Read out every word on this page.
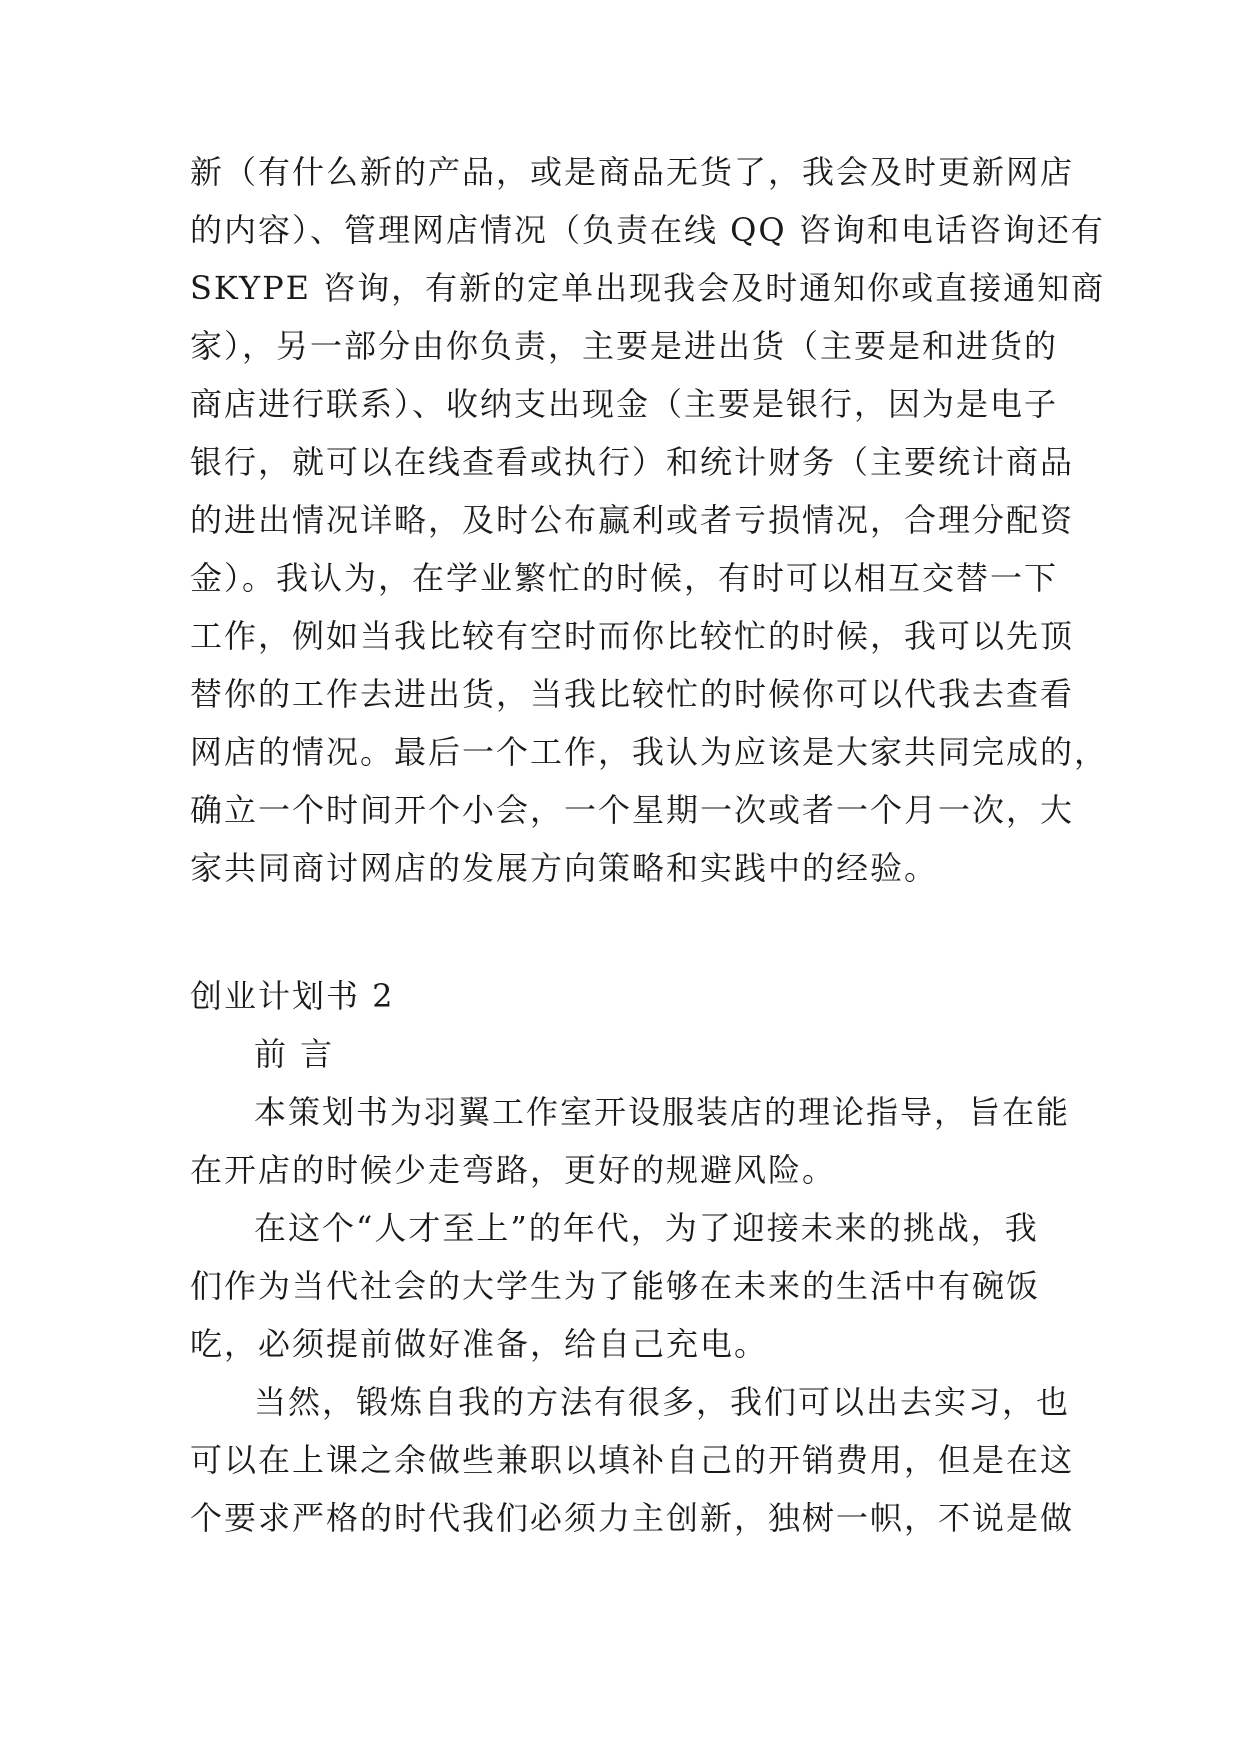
新（有什么新的产品，或是商品无货了，我会及时更新网店
的内容）、管理网店情况（负责在线 QQ 咨询和电话咨询还有
SKYPE 咨询，有新的定单出现我会及时通知你或直接通知商
家），另一部分由你负责，主要是进出货（主要是和进货的
商店进行联系）、收纳支出现金（主要是银行，因为是电子
银行，就可以在线查看或执行）和统计财务（主要统计商品
的进出情况详略，及时公布赢利或者亏损情况，合理分配资
金）。我认为，在学业繁忙的时候，有时可以相互交替一下
工作，例如当我比较有空时而你比较忙的时候，我可以先顶
替你的工作去进出货，当我比较忙的时候你可以代我去查看
网店的情况。最后一个工作，我认为应该是大家共同完成的，
确立一个时间开个小会，一个星期一次或者一个月一次，大
家共同商讨网店的发展方向策略和实践中的经验。
创业计划书 2
前 言
本策划书为羽翼工作室开设服装店的理论指导，旨在能
在开店的时候少走弯路，更好的规避风险。
在这个“人才至上”的年代，为了迎接未来的挑战，我
们作为当代社会的大学生为了能够在未来的生活中有碗饭
吃，必须提前做好准备，给自己充电。
当然，锻炼自我的方法有很多，我们可以出去实习，也
可以在上课之余做些兼职以填补自己的开销费用，但是在这
个要求严格的时代我们必须力主创新，独树一帜，不说是做
